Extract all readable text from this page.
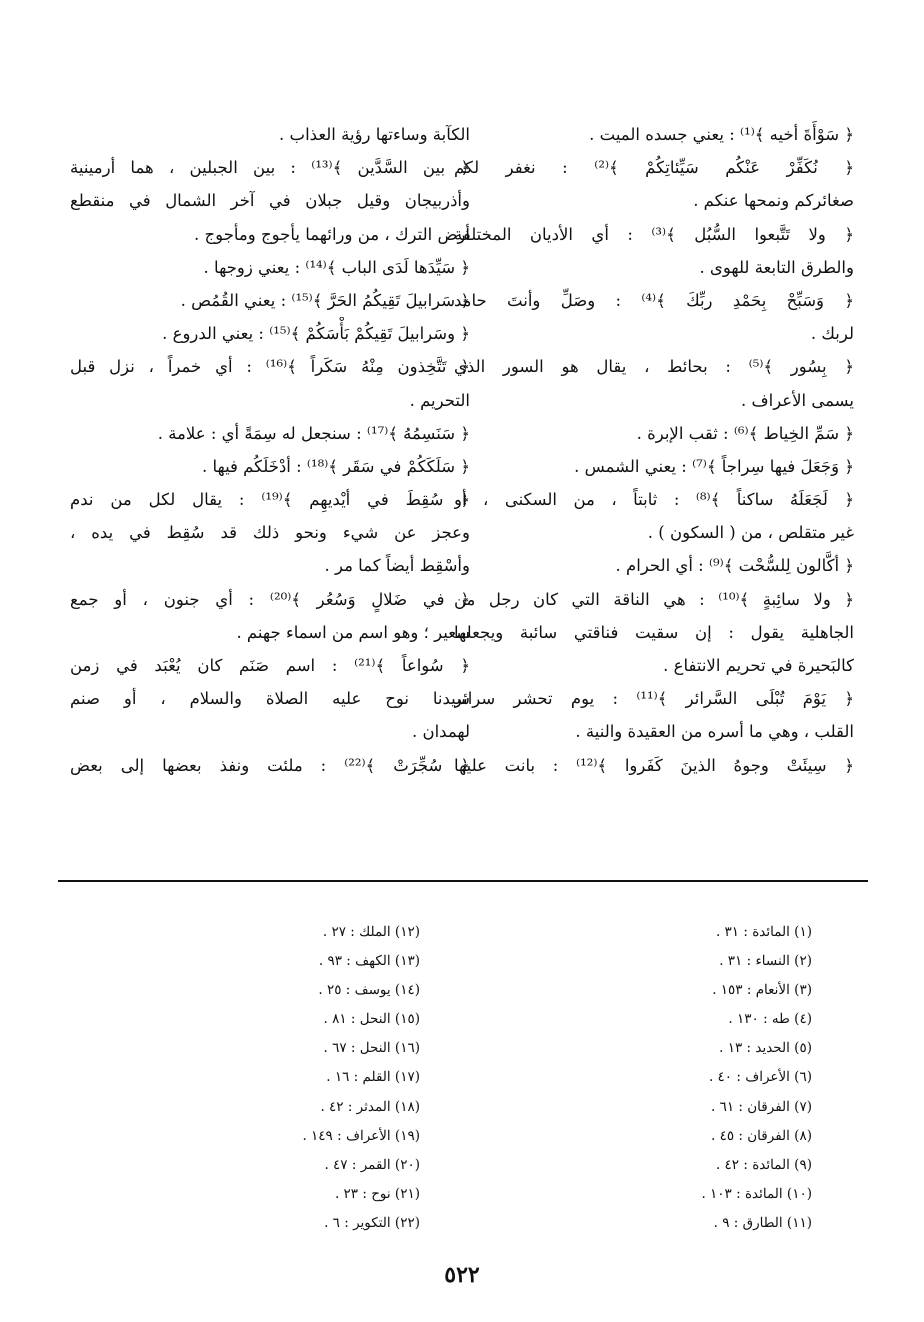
﴿ سَوْأَةَ أخيه ﴾⁽¹⁾ : يعني جسده الميت .
﴿ نُكَفِّرْ عَنْكُم سَيِّئاتِكُمْ ﴾⁽²⁾ : نغفر لكم
صغائركم ونمحها عنكم .
﴿ ولا تَتَّبعوا السُّبُل ﴾⁽³⁾ : أي الأديان المختلفة
والطرق التابعة للهوى .
﴿ وَسَبِّحْ بِحَمْدِ ربِّكَ ﴾⁽⁴⁾ : وصَلِّ وأنتَ حامد
لربك .
﴿ بِسُور ﴾⁽⁵⁾ : بحائط ، يقال هو السور الذي
يسمى الأعراف .
﴿ سَمِّ الخِياط ﴾⁽⁶⁾ : ثقب الإبرة .
﴿ وَجَعَلَ فيها سِراجاً ﴾⁽⁷⁾ : يعني الشمس .
﴿ لَجَعَلَهُ ساكناً ﴾⁽⁸⁾ : ثابتاً ، من السكنى ، أو
غير متقلص ، من ( السكون ) .
﴿ أكَّالون لِلسُّحْت ﴾⁽⁹⁾ : أي الحرام .
﴿ ولا سائِبةٍ ﴾⁽¹⁰⁾ : هي الناقة التي كان رجل من
الجاهلية يقول : إن سقيت فناقتي سائبة ويجعلها
كالبَحيرة في تحريم الانتفاع .
﴿ يَوْمَ تُبْلَى السَّرائر ﴾⁽¹¹⁾ : يوم تحشر سرائر
القلب ، وهي ما أسره من العقيدة والنية .
﴿ سِيئَتْ وجوهُ الذينَ كَفَروا ﴾⁽¹²⁾ : بانت عليها
الكآبة وساءتها رؤية العذاب .
﴿ بين السَّدَّين ﴾⁽¹³⁾ : بين الجبلين ، هما أرمينية
وأذربيجان وقيل جبلان في آخر الشمال في منقطع
أرض الترك ، من ورائهما يأجوج ومأجوج .
﴿ سَيِّدَها لَدَى الباب ﴾⁽¹⁴⁾ : يعني زوجها .
﴿ سَرابيلَ تَقِيكُمُ الحَرَّ ﴾⁽¹⁵⁾ : يعني القُمُص .
﴿ وسَرابيلَ تَقِيكُمْ بَأْسَكُمْ ﴾⁽¹⁵⁾ : يعني الدروع .
﴿ تَتَّخِذون مِنْهُ سَكَراً ﴾⁽¹⁶⁾ : أي خمراً ، نزل قبل
التحريم .
﴿ سَنَسِمُهُ ﴾⁽¹⁷⁾ : سنجعل له سِمَةً أي : علامة .
﴿ سَلَكَكُمْ في سَقَر ﴾⁽¹⁸⁾ : أدْخَلَكُم فيها .
﴿ سُقِطَ في أيْديهِم ﴾⁽¹⁹⁾ : يقال لكل من ندم
وعجز عن شيء ونحو ذلك قد سُقِط في يده ،
وأسْقِط أيضاً كما مر .
﴿ في ضَلالٍ وَسُعُر ﴾⁽²⁰⁾ : أي جنون ، أو جمع
سعير ؛ وهو اسم من اسماء جهنم .
﴿ سُواعاً ﴾⁽²¹⁾ : اسم صَنَم كان يُعْبَد في زمن
سيدنا نوح عليه الصلاة والسلام ، أو صنم
لهمدان .
﴿ سُجِّرَتْ ﴾⁽²²⁾ : ملئت ونفذ بعضها إلى بعض
(١) المائدة : ٣١ .
(٢) النساء : ٣١ .
(٣) الأنعام : ١٥٣ .
(٤) طه : ١٣٠ .
(٥) الحديد : ١٣ .
(٦) الأعراف : ٤٠ .
(٧) الفرقان : ٦١ .
(٨) الفرقان : ٤٥ .
(٩) المائدة : ٤٢ .
(١٠) المائدة : ١٠٣ .
(١١) الطارق : ٩ .
(١٢) الملك : ٢٧ .
(١٣) الكهف : ٩٣ .
(١٤) يوسف : ٢٥ .
(١٥) النحل : ٨١ .
(١٦) النحل : ٦٧ .
(١٧) القلم : ١٦ .
(١٨) المدثر : ٤٢ .
(١٩) الأعراف : ١٤٩ .
(٢٠) القمر : ٤٧ .
(٢١) نوح : ٢٣ .
(٢٢) التكوير : ٦ .
٥٢٢
